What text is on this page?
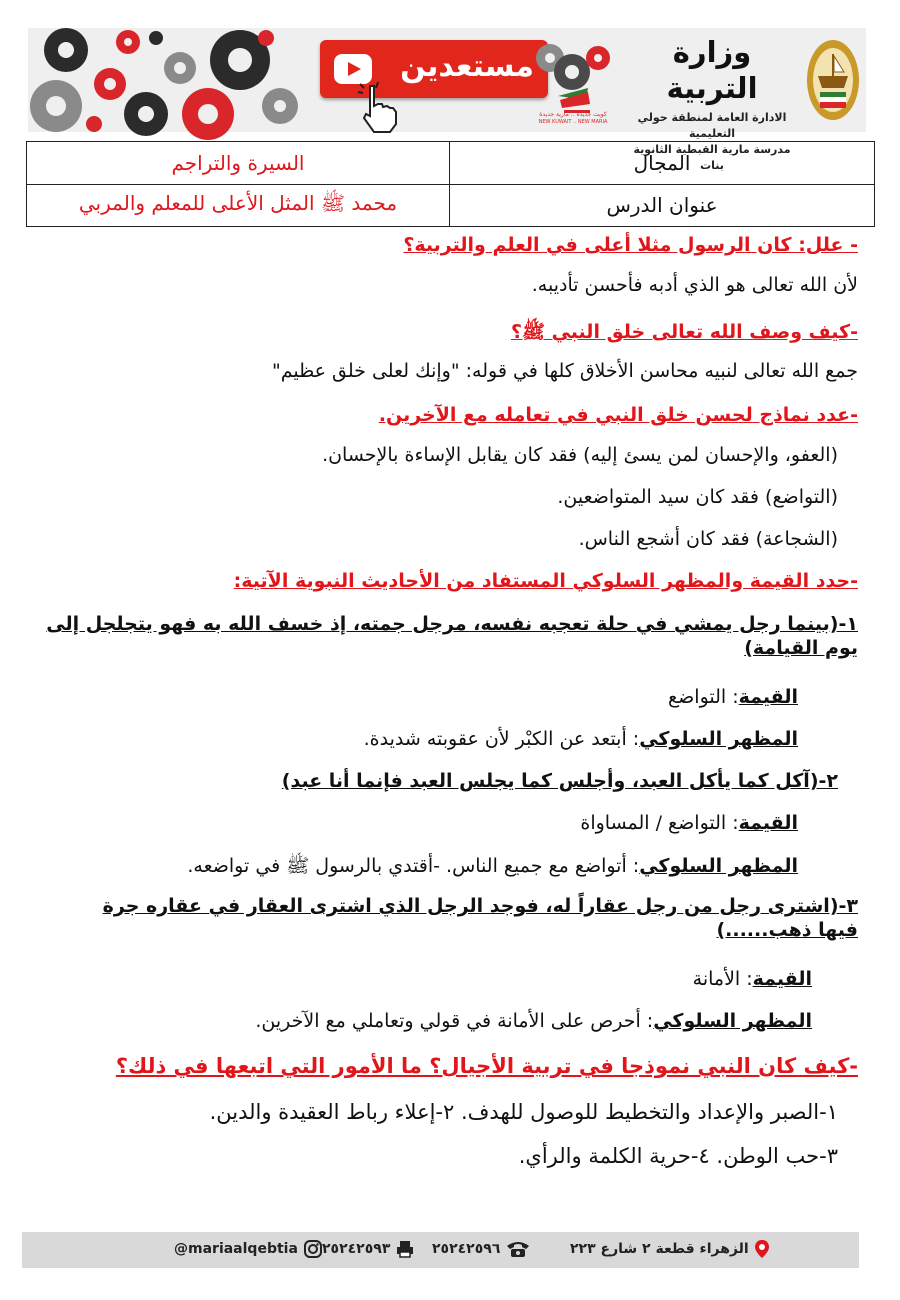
مستعدين
كويت جديدة .. مارية جديدة
NEW KUWAIT .. NEW MARIA
وزارة التربية
الادارة العامة لمنطقة حولي التعليمية
مدرسة مارية القبطية الثانوية بنات
المجال	السيرة والتراجم
عنوان الدرس	محمد ﷺ المثل الأعلى للمعلم والمربي
- علل: كان الرسول مثلا أعلى في العلم والتربية؟
لأن الله تعالى هو الذي أدبه فأحسن تأديبه.
-كيف وصف الله تعالى خلق النبي ﷺ؟
جمع الله تعالى لنبيه محاسن الأخلاق كلها في قوله: "وإنك لعلى خلق عظيم"
-عدد نماذج لحسن خلق النبي في تعامله مع الآخرين.
(العفو، والإحسان لمن يسئ إليه) فقد كان يقابل الإساءة بالإحسان.
(التواضع) فقد كان سيد المتواضعين.
(الشجاعة) فقد كان أشجع الناس.
-حدد القيمة والمظهر السلوكي المستفاد من الأحاديث النبوية الآتية:
١-(بينما رجل يمشي في حلة تعجبه نفسه، مرجل جمته، إذ خسف الله به فهو يتجلجل إلى يوم القيامة)
القيمة: التواضع
المظهر السلوكي: أبتعد عن الكبْر لأن عقوبته شديدة.
٢-(آكل كما يأكل العبد، وأجلس كما يجلس العبد فإنما أنا عبد)
القيمة: التواضع / المساواة
المظهر السلوكي: أتواضع مع جميع الناس. -أقتدي بالرسول ﷺ في تواضعه.
٣-(اشترى رجل من رجل عقاراً له، فوجد الرجل الذي اشترى العقار في عقاره جرة فيها ذهب......)
القيمة: الأمانة
المظهر السلوكي: أحرص على الأمانة في قولي وتعاملي مع الآخرين.
-كيف كان النبي نموذجا في تربية الأجيال؟ ما الأمور التي اتبعها في ذلك؟
١-الصبر والإعداد والتخطيط للوصول للهدف. ٢-إعلاء رباط العقيدة والدين.
٣-حب الوطن. ٤-حرية الكلمة والرأي.
@mariaalqebtia	٢٥٢٤٢٥٩٣	٢٥٢٤٢٥٩٦	الزهراء قطعة ٢ شارع ٢٢٣
